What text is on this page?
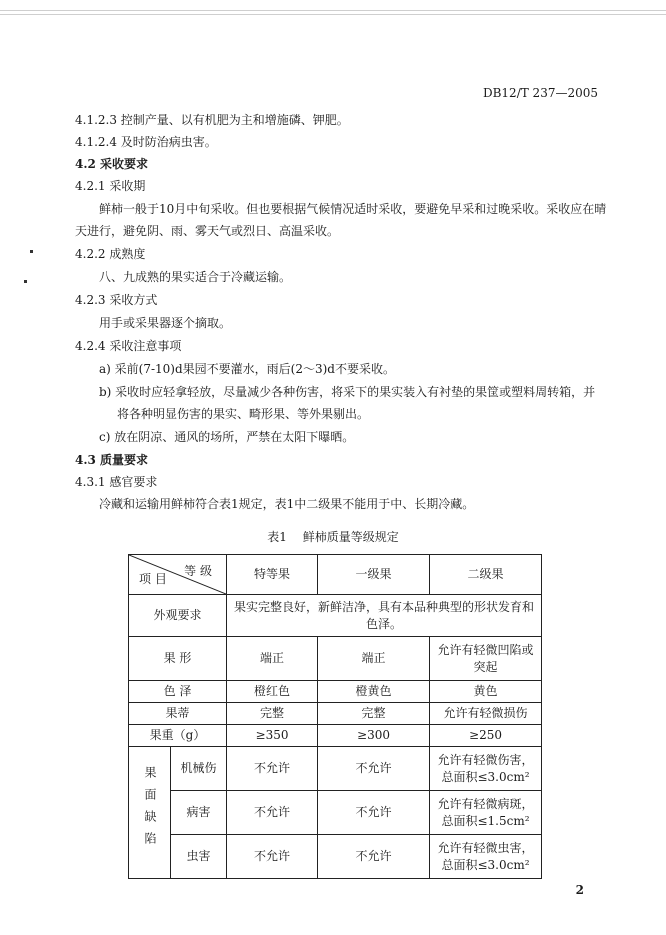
DB12/T 237—2005
4.1.2.3 控制产量、以有机肥为主和增施磷、钾肥。
4.1.2.4 及时防治病虫害。
4.2 采收要求
4.2.1 采收期
鲜柿一般于10月中旬采收。但也要根据气候情况适时采收，要避免早采和过晚采收。采收应在晴
天进行，避免阴、雨、雾天气或烈日、高温采收。
4.2.2 成熟度
八、九成熟的果实适合于冷藏运输。
4.2.3 采收方式
用手或采果器逐个摘取。
4.2.4 采收注意事项
a) 采前(7-10)d果园不要灌水，雨后(2～3)d不要采收。
b) 采收时应轻拿轻放，尽量减少各种伤害，将采下的果实装入有衬垫的果筐或塑料周转箱，并
将各种明显伤害的果实、畸形果、等外果剔出。
c) 放在阴凉、通风的场所，严禁在太阳下曝晒。
4.3 质量要求
4.3.1 感官要求
冷藏和运输用鲜柿符合表1规定，表1中二级果不能用于中、长期冷藏。
表1 鲜柿质量等级规定
等 级
项 目		特等果	一级果	二级果
外观要求		果实完整良好，新鲜洁净，具有本品种典型的形状发育和色泽。		
果 形		端正	端正	允许有轻微凹陷或突起
色 泽		橙红色	橙黄色	黄色
果蒂		完整	完整	允许有轻微损伤
果重（g）		≥350	≥300	≥250
果面缺陷	机械伤	不允许	不允许	允许有轻微伤害，总面积≤3.0cm²
	病害	不允许	不允许	允许有轻微病斑，总面积≤1.5cm²
	虫害	不允许	不允许	允许有轻微虫害，总面积≤3.0cm²
2
